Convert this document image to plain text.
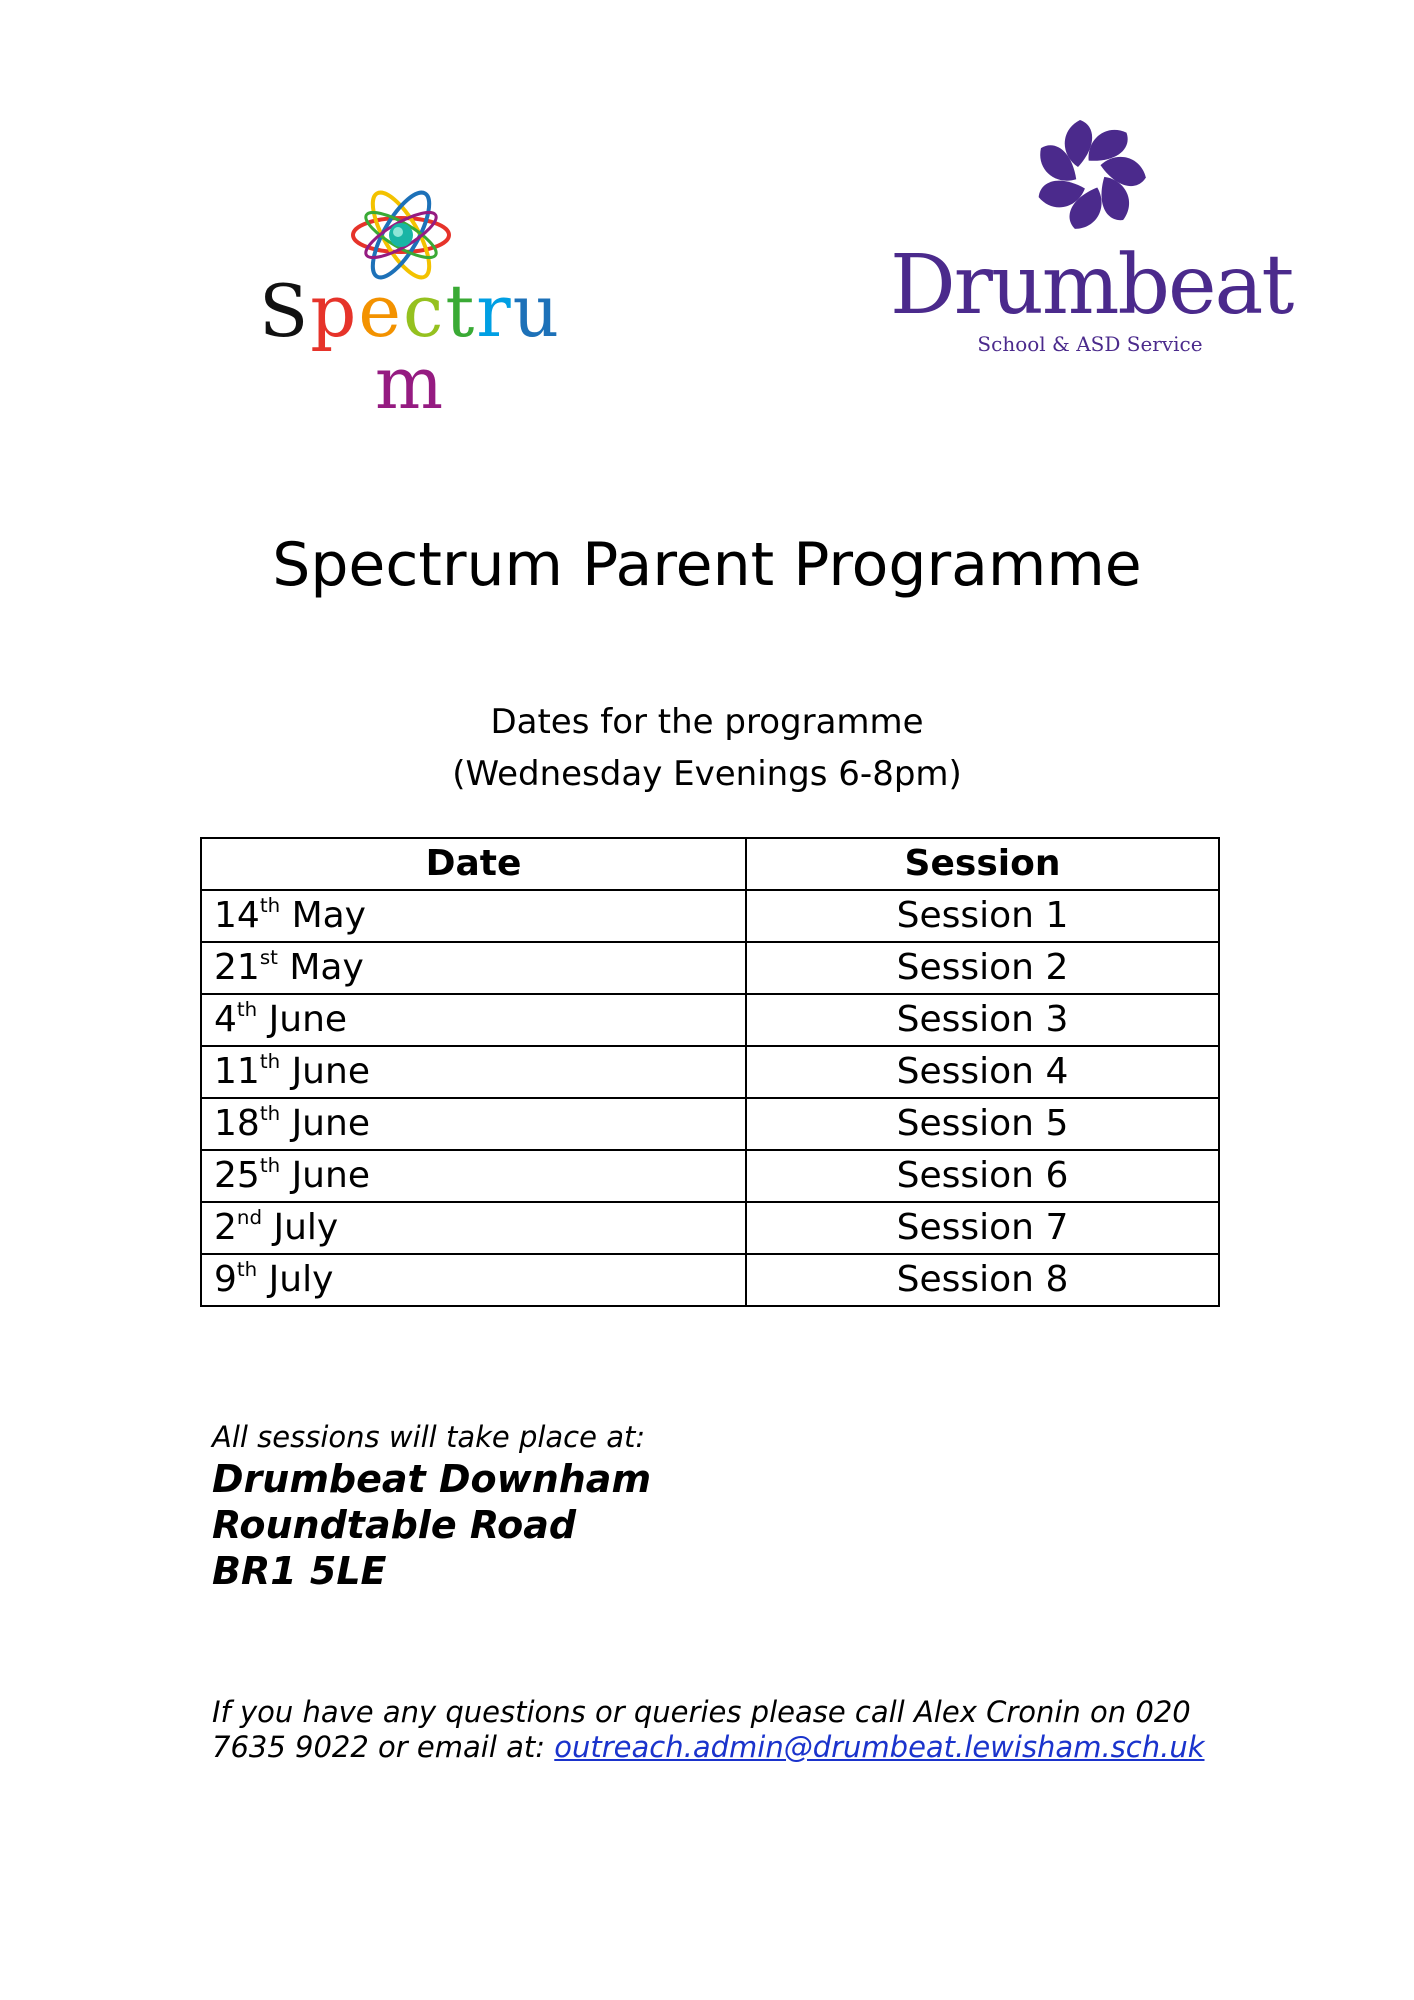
Spectrum
Drumbeat
School & ASD Service
Spectrum Parent Programme
Dates for the programme
(Wednesday Evenings 6-8pm)
Date	Session
14th May	Session 1
21st May	Session 2
4th June	Session 3
11th June	Session 4
18th June	Session 5
25th June	Session 6
2nd July	Session 7
9th July	Session 8
All sessions will take place at:
Drumbeat Downham
Roundtable Road
BR1 5LE
If you have any questions or queries please call Alex Cronin on 020 7635 9022 or email at: outreach.admin@drumbeat.lewisham.sch.uk
